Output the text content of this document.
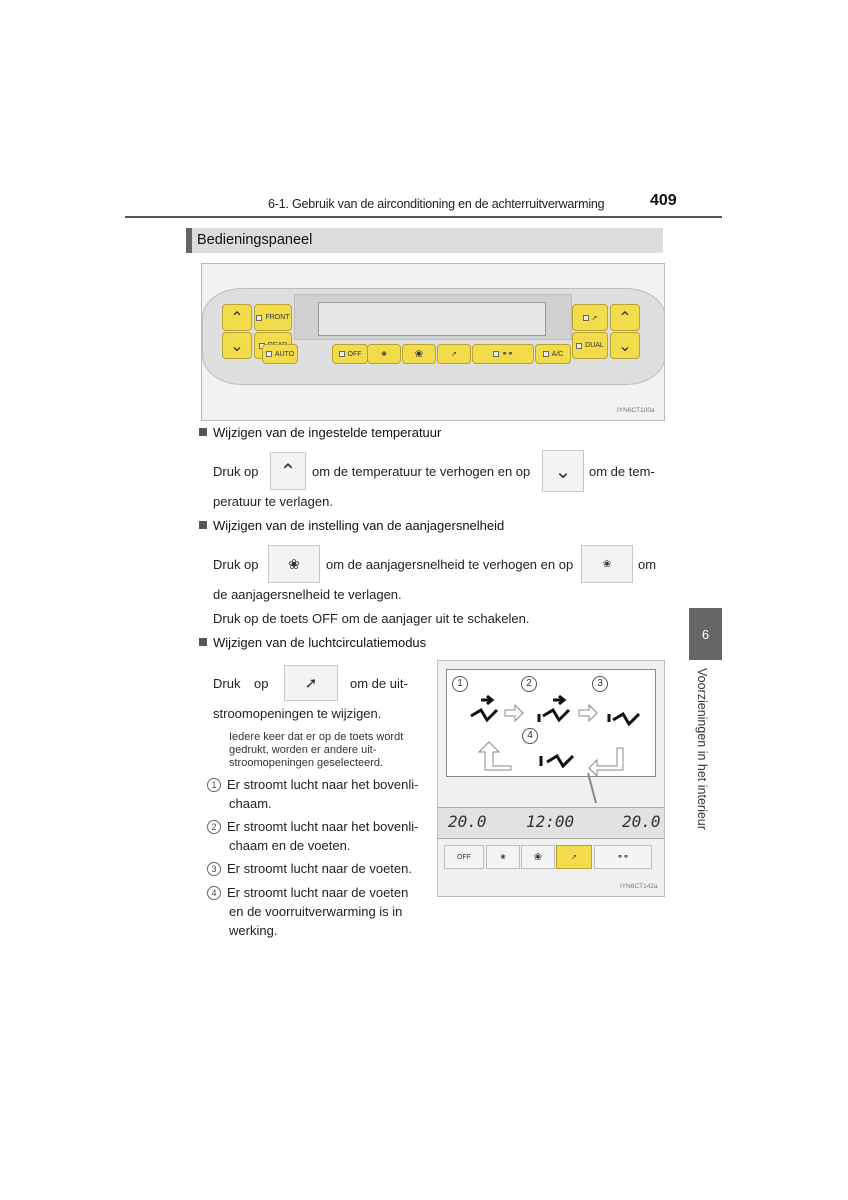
6-1. Gebruik van de airconditioning en de achterruitverwarming	409
Bedieningspaneel
⌃
⌄
FRONT
AUTO	OFF	❀	❀	➚	⚭⚭	A/C
➚
DUAL
⌃
⌄
IYN6CT100a
Wijzigen van de ingestelde temperatuur
Druk op	⌃	om de temperatuur te verhogen en op	⌄	om de tem-
peratuur te verlagen.
Wijzigen van de instelling van de aanjagersnelheid
Druk op	❀	om de aanjagersnelheid te verhogen en op	❀	om
de aanjagersnelheid te verlagen.
Druk op de toets OFF om de aanjager uit te schakelen.
Wijzigen van de luchtcirculatiemodus
Druk op	➚	om de uit-
stroomopeningen te wijzigen.
Iedere keer dat er op de toets wordt
gedrukt, worden er andere uit-
stroomopeningen geselecteerd.
1 Er stroomt lucht naar het bovenli-
chaam.
2 Er stroomt lucht naar het bovenli-
chaam en de voeten.
3 Er stroomt lucht naar de voeten.
4 Er stroomt lucht naar de voeten
en de voorruitverwarming is in
werking.
1	2	3
4
20.0 12:00	20.0
OFF	❀	❀	➚	⚭⚭
IYN6CT142a
6
Voorzieningen in het interieur
